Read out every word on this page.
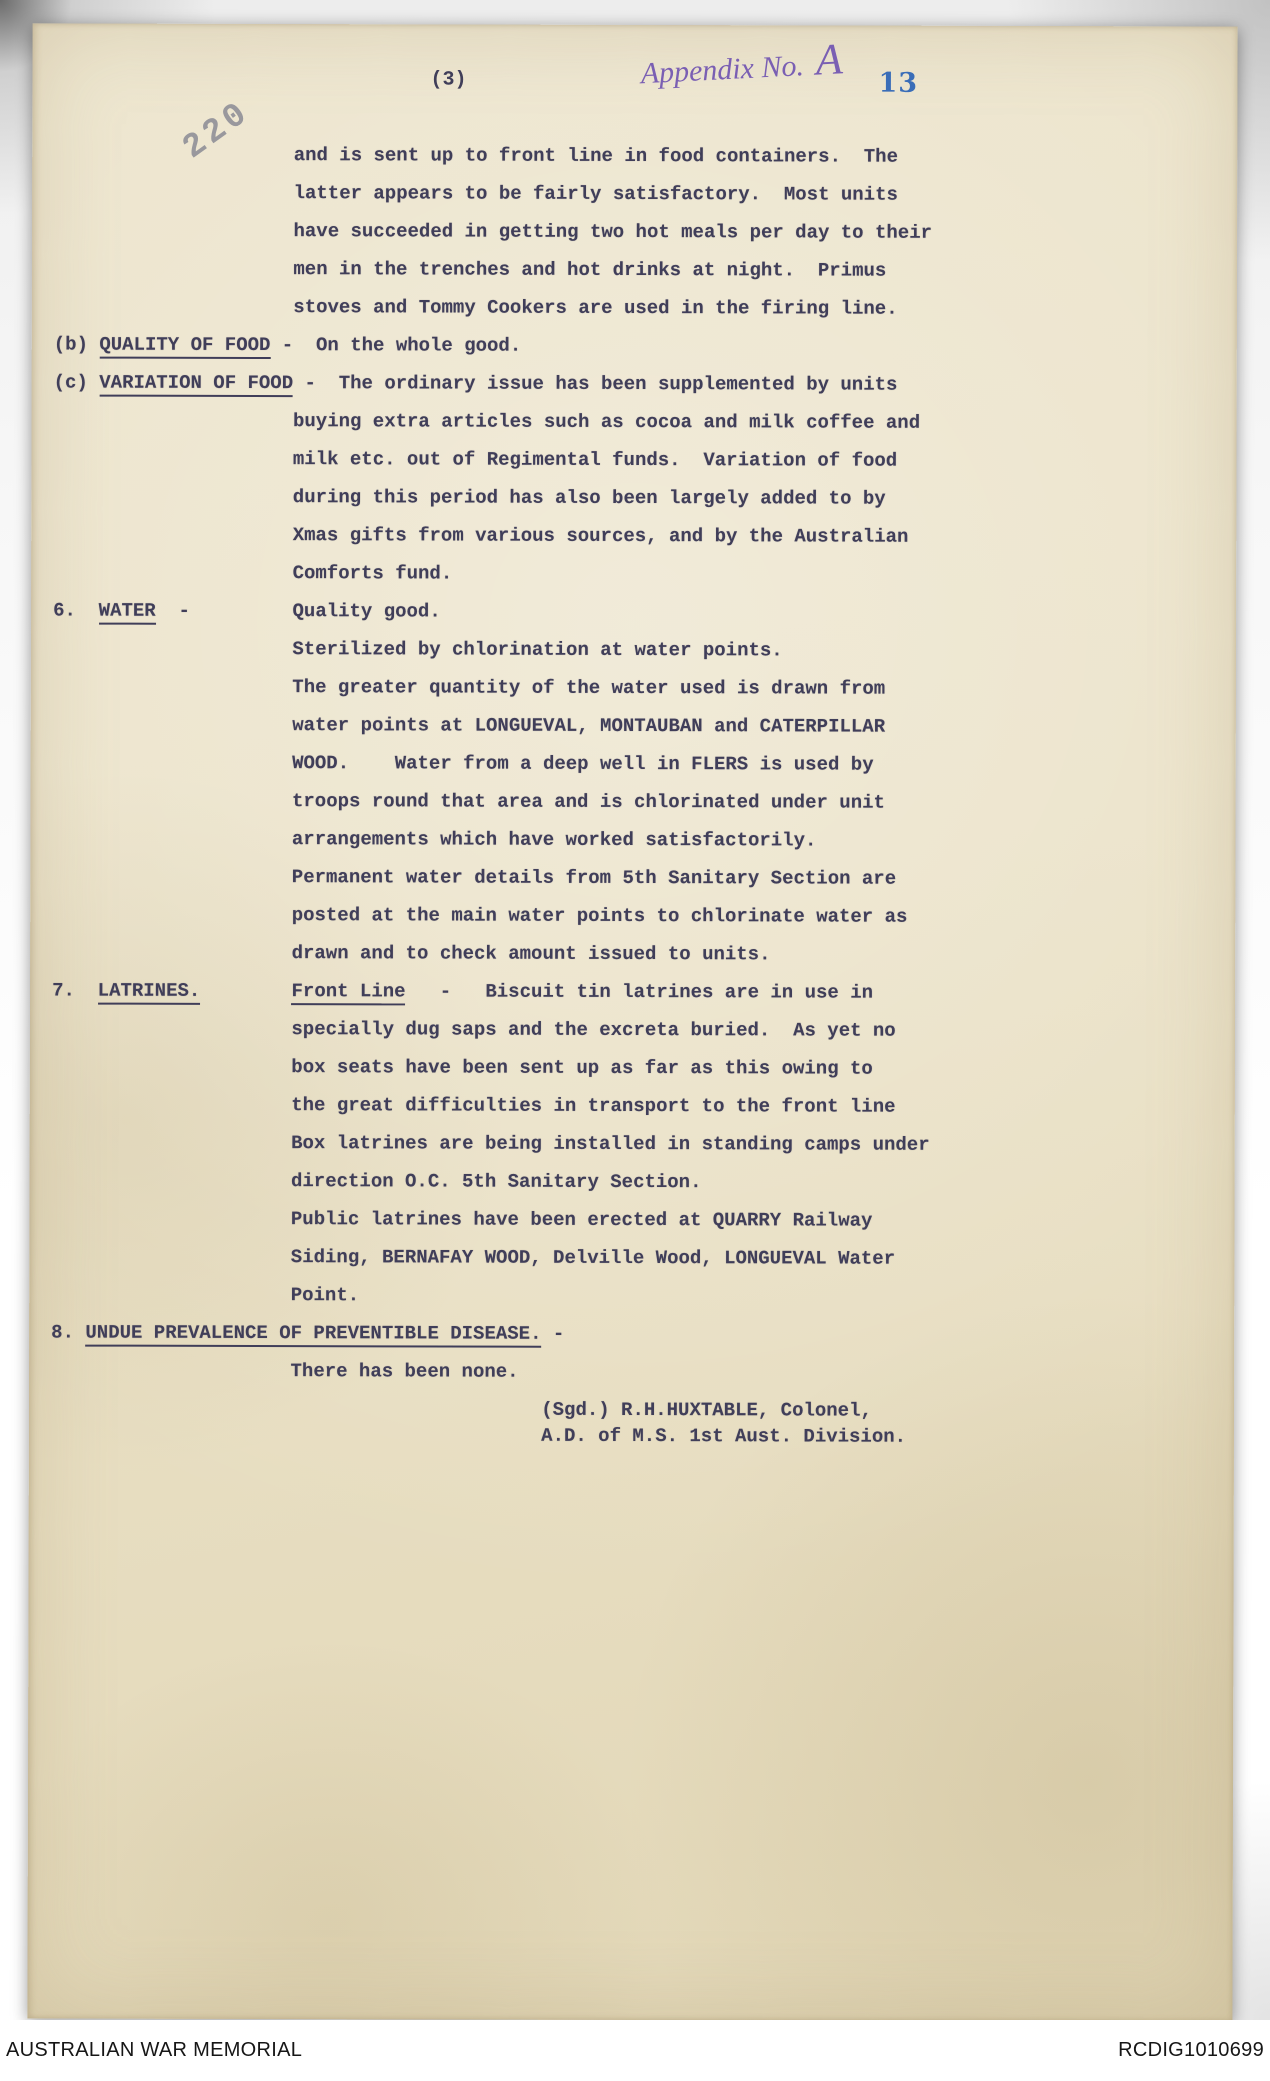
220
(3)	Appendix No. A 13
and is sent up to front line in food containers.  The
latter appears to be fairly satisfactory.  Most units
have succeeded in getting two hot meals per day to their
men in the trenches and hot drinks at night.  Primus
stoves and Tommy Cookers are used in the firing line.
(b) QUALITY OF FOOD -  On the whole good.
(c) VARIATION OF FOOD -  The ordinary issue has been supplemented by units
buying extra articles such as cocoa and milk coffee and
milk etc. out of Regimental funds.  Variation of food
during this period has also been largely added to by
Xmas gifts from various sources, and by the Australian
Comforts fund.
6.  WATER  -         Quality good.
Sterilized by chlorination at water points.
The greater quantity of the water used is drawn from
water points at LONGUEVAL, MONTAUBAN and CATERPILLAR
WOOD.    Water from a deep well in FLERS is used by
troops round that area and is chlorinated under unit
arrangements which have worked satisfactorily.
Permanent water details from 5th Sanitary Section are
posted at the main water points to chlorinate water as
drawn and to check amount issued to units.
7.  LATRINES.	Front Line   -   Biscuit tin latrines are in use in
specially dug saps and the excreta buried.  As yet no
box seats have been sent up as far as this owing to
the great difficulties in transport to the front line
Box latrines are being installed in standing camps under
direction O.C. 5th Sanitary Section.
Public latrines have been erected at QUARRY Railway
Siding, BERNAFAY WOOD, Delville Wood, LONGUEVAL Water
Point.
8. UNDUE PREVALENCE OF PREVENTIBLE DISEASE. -
There has been none.
(Sgd.) R.H.HUXTABLE, Colonel,
A.D. of M.S. 1st Aust. Division.
AUSTRALIAN WAR MEMORIAL	RCDIG1010699
